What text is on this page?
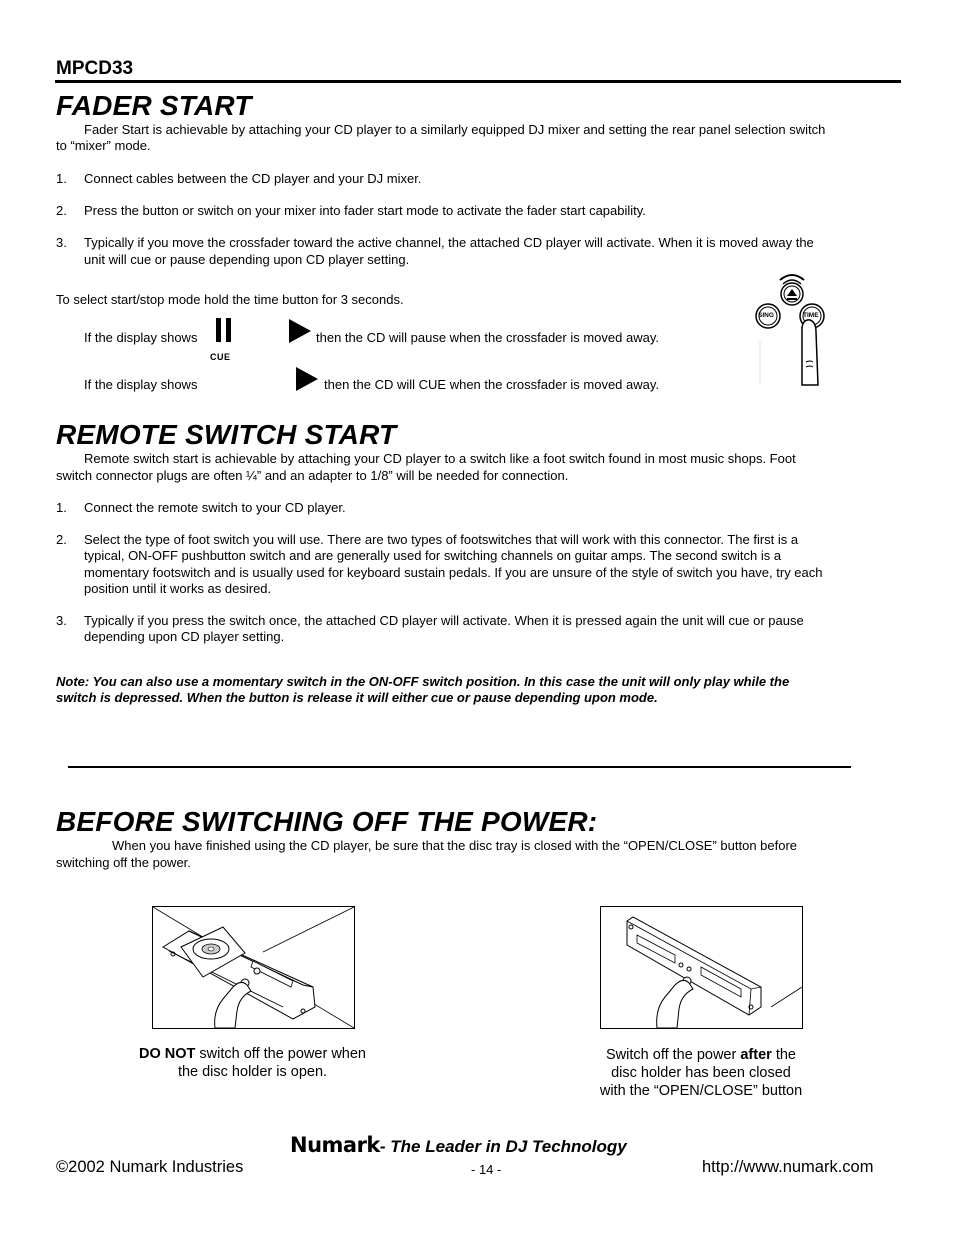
MPCD33
FADER START
Fader Start is achievable by attaching your CD player to a similarly equipped DJ mixer and setting the rear panel selection switch
to “mixer” mode.
1. Connect cables between the CD player and your DJ mixer.
2. Press the button or switch on your mixer into fader start mode to activate the fader start capability.
3. Typically if you move the crossfader toward the active channel, the attached CD player will activate. When it is moved away the
unit will cue or pause depending upon CD player setting.
To select start/stop mode hold the time button for 3 seconds.
If the display shows
CUE
then the CD will pause when the crossfader is moved away.
If the display shows	then the CD will CUE when the crossfader is moved away.
SING	TIME
REMOTE SWITCH START
Remote switch start is achievable by attaching your CD player to a switch like a foot switch found in most music shops. Foot
switch connector plugs are often ¼” and an adapter to 1/8” will be needed for connection.
1. Connect the remote switch to your CD player.
2. Select the type of foot switch you will use. There are two types of footswitches that will work with this connector. The first is a
typical, ON-OFF pushbutton switch and are generally used for switching channels on guitar amps. The second switch is a
momentary footswitch and is usually used for keyboard sustain pedals. If you are unsure of the style of switch you have, try each
position until it works as desired.
3. Typically if you press the switch once, the attached CD player will activate. When it is pressed again the unit will cue or pause
depending upon CD player setting.
Note: You can also use a momentary switch in the ON-OFF switch position. In this case the unit will only play while the
switch is depressed. When the button is release it will either cue or pause depending upon mode.
BEFORE SWITCHING OFF THE POWER:
When you have finished using the CD player, be sure that the disc tray is closed with the “OPEN/CLOSE” button before
switching off the power.
DO NOT switch off the power when
the disc holder is open.
Switch off the power after the
disc holder has been closed
with the “OPEN/CLOSE” button
Numark- The Leader in DJ Technology
©2002 Numark Industries	- 14 -	http://www.numark.com
